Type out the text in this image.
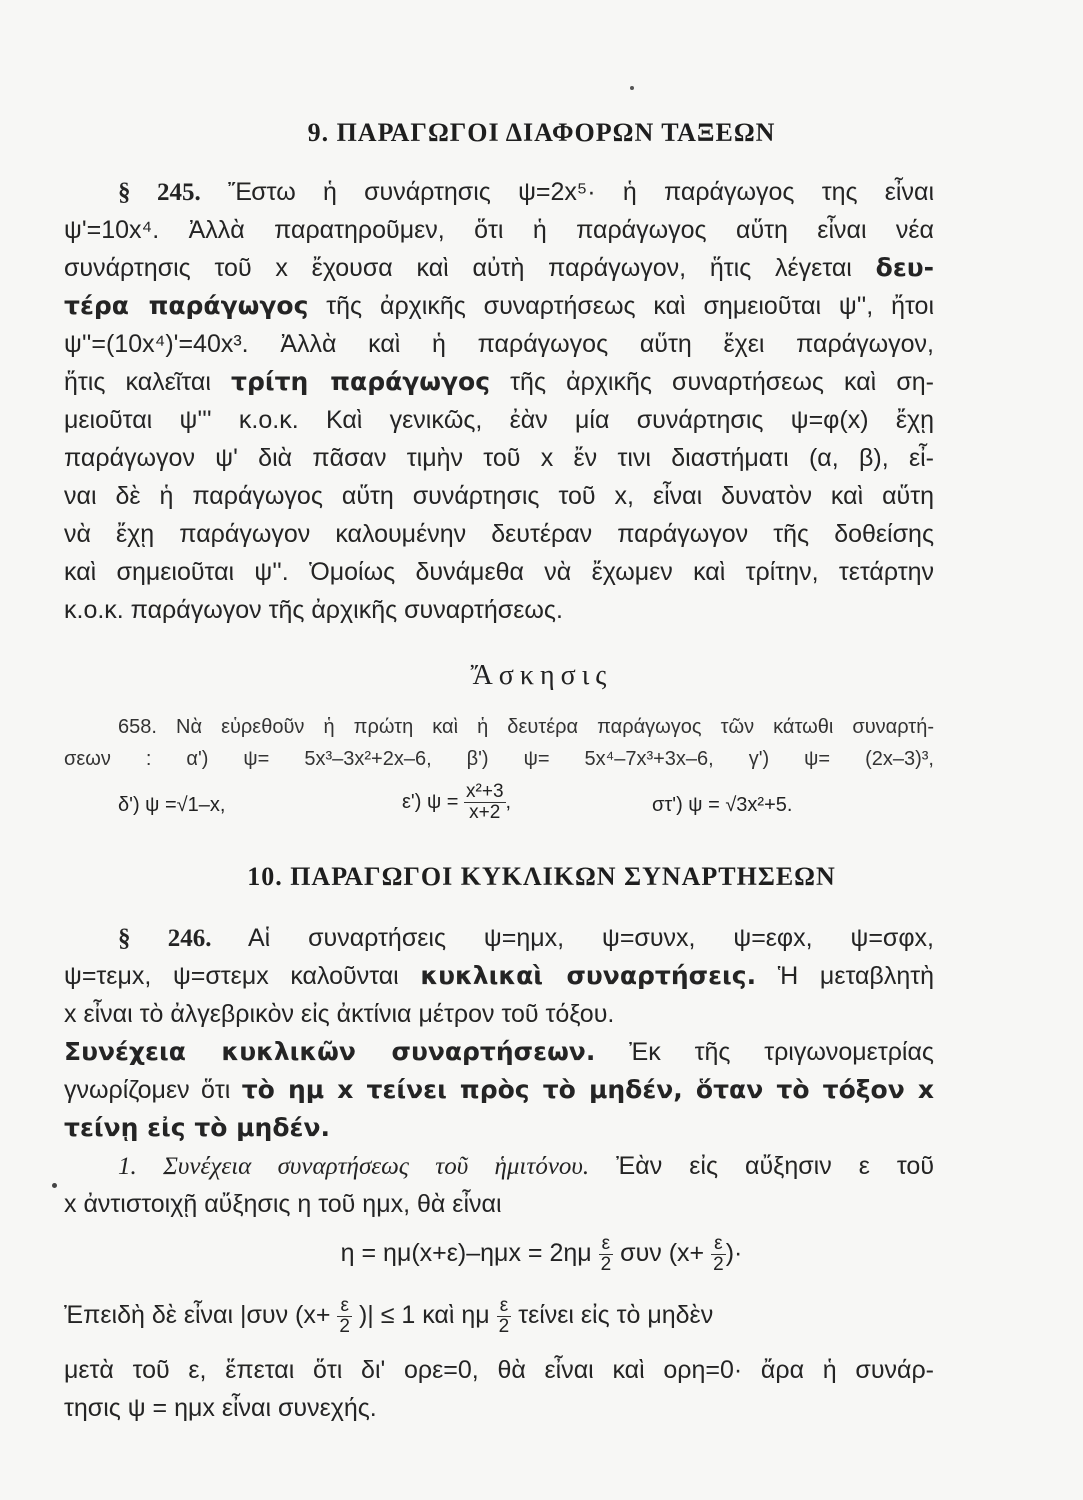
9. ΠΑΡΑΓΩΓΟΙ ΔΙΑΦΟΡΩΝ ΤΑΞΕΩΝ
§ 245. Ἔστω ἡ συνάρτησις ψ=2x⁵· ἡ παράγωγος της εἶναι
ψ'=10x⁴. Ἀλλὰ παρατηροῦμεν, ὅτι ἡ παράγωγος αὕτη εἶναι νέα
συνάρτησις τοῦ x ἔχουσα καὶ αὐτὴ παράγωγον, ἥτις λέγεται δευ-
τέρα παράγωγος τῆς ἀρχικῆς συναρτήσεως καὶ σημειοῦται ψ'', ἤτοι
ψ''=(10x⁴)'=40x³. Ἀλλὰ καὶ ἡ παράγωγος αὕτη ἔχει παράγωγον,
ἥτις καλεῖται τρίτη παράγωγος τῆς ἀρχικῆς συναρτήσεως καὶ ση-
μειοῦται ψ''' κ.ο.κ. Καὶ γενικῶς, ἐὰν μία συνάρτησις ψ=φ(x) ἔχῃ
παράγωγον ψ' διὰ πᾶσαν τιμὴν τοῦ x ἔν τινι διαστήματι (α, β), εἶ-
ναι δὲ ἡ παράγωγος αὕτη συνάρτησις τοῦ x, εἶναι δυνατὸν καὶ αὕτη
νὰ ἔχῃ παράγωγον καλουμένην δευτέραν παράγωγον τῆς δοθείσης
καὶ σημειοῦται ψ''. Ὁμοίως δυνάμεθα νὰ ἔχωμεν καὶ τρίτην, τετάρτην
κ.ο.κ. παράγωγον τῆς ἀρχικῆς συναρτήσεως.
Ἄσκησις
658. Νὰ εὑρεθοῦν ἡ πρώτη καὶ ἡ δευτέρα παράγωγος τῶν κάτωθι συναρτή-
σεων : α') ψ= 5x³–3x²+2x–6, β') ψ= 5x⁴–7x³+3x–6, γ') ψ= (2x–3)³,
δ') ψ =√1–x,	ε') $\psi = \frac{\text{x²+3}}{x+2}$ ,	στ') ψ = √3x²+5.
10. ΠΑΡΑΓΩΓΟΙ ΚΥΚΛΙΚΩΝ ΣΥΝΑΡΤΗΣΕΩΝ
§ 246. Αἱ συναρτήσεις ψ=ημx, ψ=συνx, ψ=εφx, ψ=σφx,
ψ=τεμx, ψ=στεμx καλοῦνται κυκλικαὶ συναρτήσεις. Ἡ μεταβλητὴ
x εἶναι τὸ ἀλγεβρικὸν εἰς ἀκτίνια μέτρον τοῦ τόξου.
Συνέχεια κυκλικῶν συναρτήσεων. Ἐκ τῆς τριγωνομετρίας
γνωρίζομεν ὅτι τὸ ημ x τείνει πρὸς τὸ μηδέν, ὅταν τὸ τόξον x
τείνῃ εἰς τὸ μηδέν.
1. Συνέχεια συναρτήσεως τοῦ ἡμιτόνου. Ἐὰν εἰς αὔξησιν ε τοῦ
x ἀντιστοιχῇ αὔξησις η τοῦ ημx, θὰ εἶναι
$\eta = \eta\mu(x+\varepsilon)-\eta\mu x = 2\eta\mu \frac{\varepsilon}{2}$ συν ($x+ \frac{\varepsilon}{2}$ )·
Ἐπειδὴ δὲ εἶναι |συν ($x+ \frac{\varepsilon}{2}$ )| ≤ 1 καὶ ημ $\frac{\varepsilon}{2}$ τείνει εἰς τὸ μηδὲν
μετὰ τοῦ ε, ἕπεται ὅτι δι' ορε=0, θὰ εἶναι καὶ ορη=0· ἄρα ἡ συνάρ-
τησις ψ = ημx εἶναι συνεχής.
